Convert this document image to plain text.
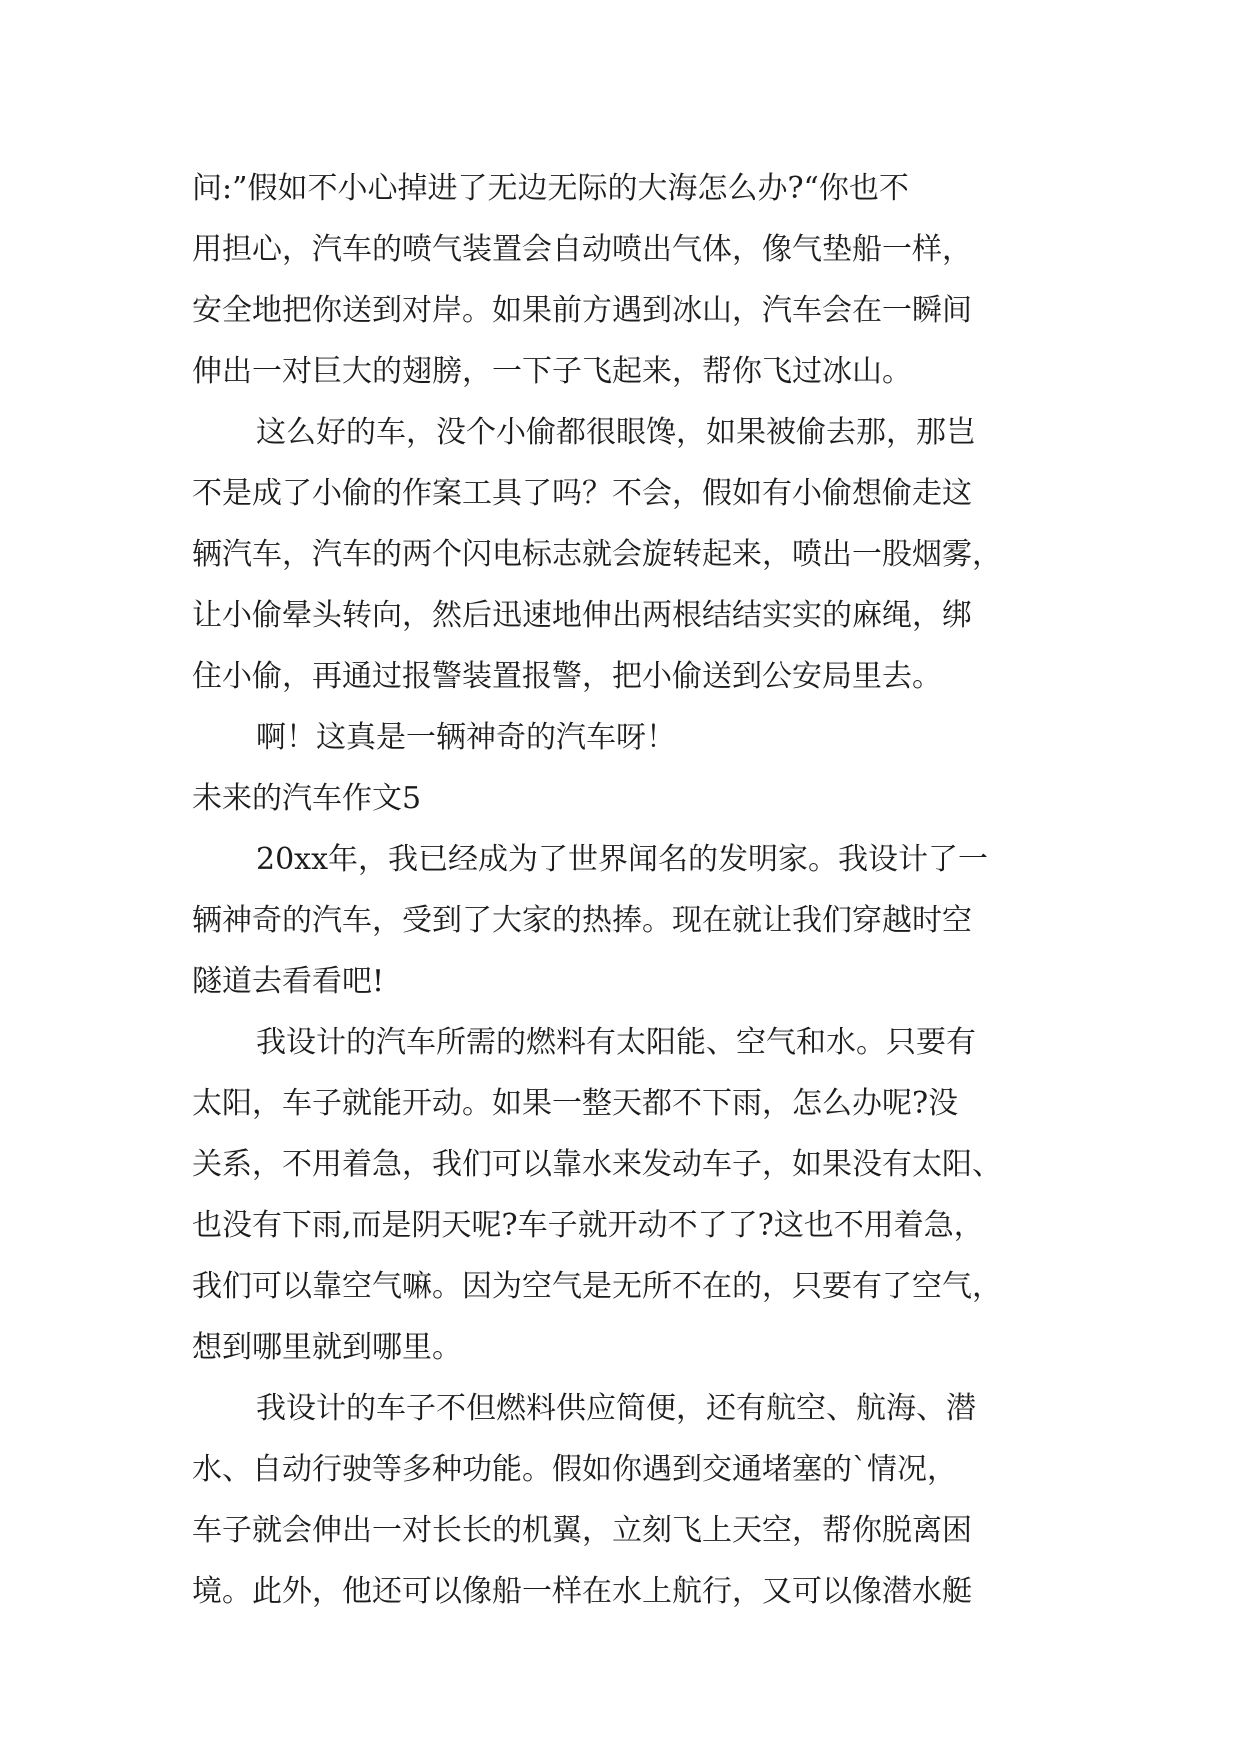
问:”假如不小心掉进了无边无际的大海怎么办?“你也不
用担心，汽车的喷气装置会自动喷出气体，像气垫船一样，
安全地把你送到对岸。如果前方遇到冰山，汽车会在一瞬间
伸出一对巨大的翅膀，一下子飞起来，帮你飞过冰山。
这么好的车，没个小偷都很眼馋，如果被偷去那，那岂
不是成了小偷的作案工具了吗？不会，假如有小偷想偷走这
辆汽车，汽车的两个闪电标志就会旋转起来，喷出一股烟雾，
让小偷晕头转向，然后迅速地伸出两根结结实实的麻绳，绑
住小偷，再通过报警装置报警，把小偷送到公安局里去。
啊！这真是一辆神奇的汽车呀！
未来的汽车作文5
20xx年，我已经成为了世界闻名的发明家。我设计了一
辆神奇的汽车，受到了大家的热捧。现在就让我们穿越时空
隧道去看看吧!
我设计的汽车所需的燃料有太阳能、空气和水。只要有
太阳，车子就能开动。如果一整天都不下雨，怎么办呢?没
关系，不用着急，我们可以靠水来发动车子，如果没有太阳、
也没有下雨,而是阴天呢?车子就开动不了了?这也不用着急，
我们可以靠空气嘛。因为空气是无所不在的，只要有了空气，
想到哪里就到哪里。
我设计的车子不但燃料供应简便，还有航空、航海、潜
水、自动行驶等多种功能。假如你遇到交通堵塞的`情况，
车子就会伸出一对长长的机翼，立刻飞上天空，帮你脱离困
境。此外，他还可以像船一样在水上航行，又可以像潜水艇
